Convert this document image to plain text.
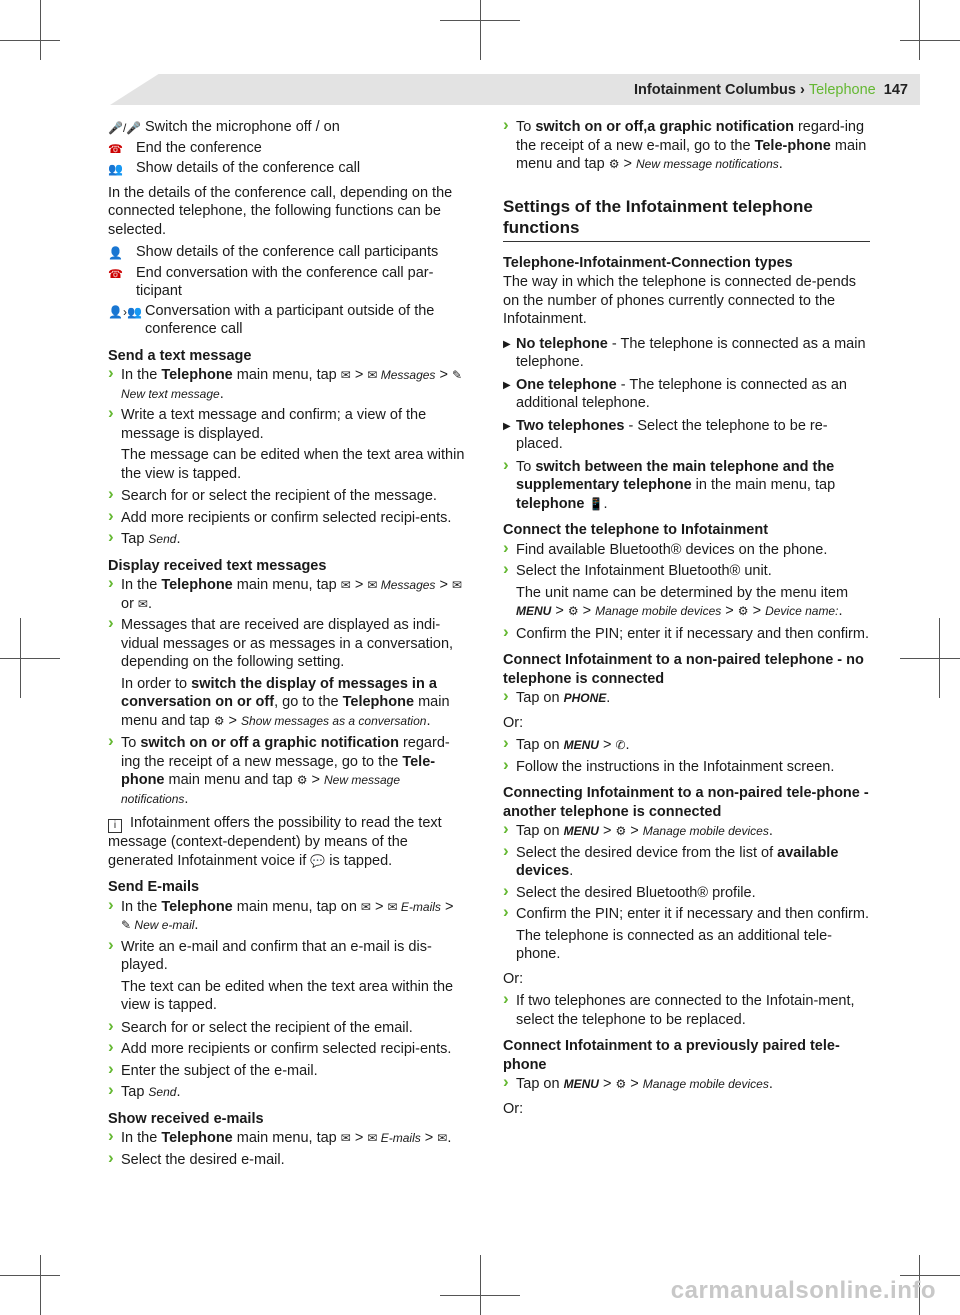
Infotainment Columbus › Telephone 147
🎤/🎤 Switch the microphone off / on
☎ End the conference
👥 Show details of the conference call

In the details of the conference call, depending on the connected telephone, the following functions can be selected.

👤 Show details of the conference call participants
☎ End conversation with the conference call par-ticipant
👤›👥 Conversation with a participant outside of the conference call
Send a text message
› In the Telephone main menu, tap ✉ > ✉ Messages > ✎
New text message.
› Write a text message and confirm; a view of the message is displayed.
The message can be edited when the text area within the view is tapped.
› Search for or select the recipient of the message.
› Add more recipients or confirm selected recipi-ents.
› Tap Send.
Display received text messages
› In the Telephone main menu, tap ✉ > ✉ Messages > ✉
or ✉.
› Messages that are received are displayed as indi-vidual messages or as messages in a conversation, depending on the following setting.
In order to switch the display of messages in a conversation on or off, go to the Telephone main menu and tap ⚙ > Show messages as a conversation.
› To switch on or off a graphic notification regard-ing the receipt of a new message, go to the Tele-phone main menu and tap ⚙ > New message notifications.

i Infotainment offers the possibility to read the text message (context-dependent) by means of the generated Infotainment voice if 💬 is tapped.

Send E-mails
› In the Telephone main menu, tap on ✉ > ✉ E-mails >
✎ New e-mail.
› Write an e-mail and confirm that an e-mail is dis-played.
The text can be edited when the text area within the view is tapped.
› Search for or select the recipient of the email.
› Add more recipients or confirm selected recipi-ents.
› Enter the subject of the e-mail.
› Tap Send.
Show received e-mails
› In the Telephone main menu, tap ✉ > ✉ E-mails > ✉.
› Select the desired e-mail.
› To switch on or off,a graphic notification regard-ing the receipt of a new e-mail, go to the Tele-phone main menu and tap ⚙ > New message notifications.
Settings of the Infotainment telephone functions
Telephone-Infotainment-Connection types

The way in which the telephone is connected de-pends on the number of phones currently connected to the Infotainment.

▶ No telephone - The telephone is connected as a main telephone.
▶ One telephone - The telephone is connected as an additional telephone.
▶ Two telephones - Select the telephone to be re-placed.
› To switch between the main telephone and the supplementary telephone in the main menu, tap telephone 📱.
Connect the telephone to Infotainment
› Find available Bluetooth® devices on the phone.
› Select the Infotainment Bluetooth® unit.
The unit name can be determined by the menu item MENU > ⚙ > Manage mobile devices > ⚙ > Device name:.
› Confirm the PIN; enter it if necessary and then confirm.
Connect Infotainment to a non-paired telephone - no telephone is connected
› Tap on PHONE.

Or:

› Tap on MENU > ✆.
› Follow the instructions in the Infotainment screen.
Connecting Infotainment to a non-paired tele-phone - another telephone is connected
› Tap on MENU > ⚙ > Manage mobile devices.
› Select the desired device from the list of available devices.
› Select the desired Bluetooth® profile.
› Confirm the PIN; enter it if necessary and then confirm.
The telephone is connected as an additional tele-phone.

Or:

› If two telephones are connected to the Infotain-ment, select the telephone to be replaced.
Connect Infotainment to a previously paired tele-phone
› Tap on MENU > ⚙ > Manage mobile devices.

Or:

carmanualsonline.info
